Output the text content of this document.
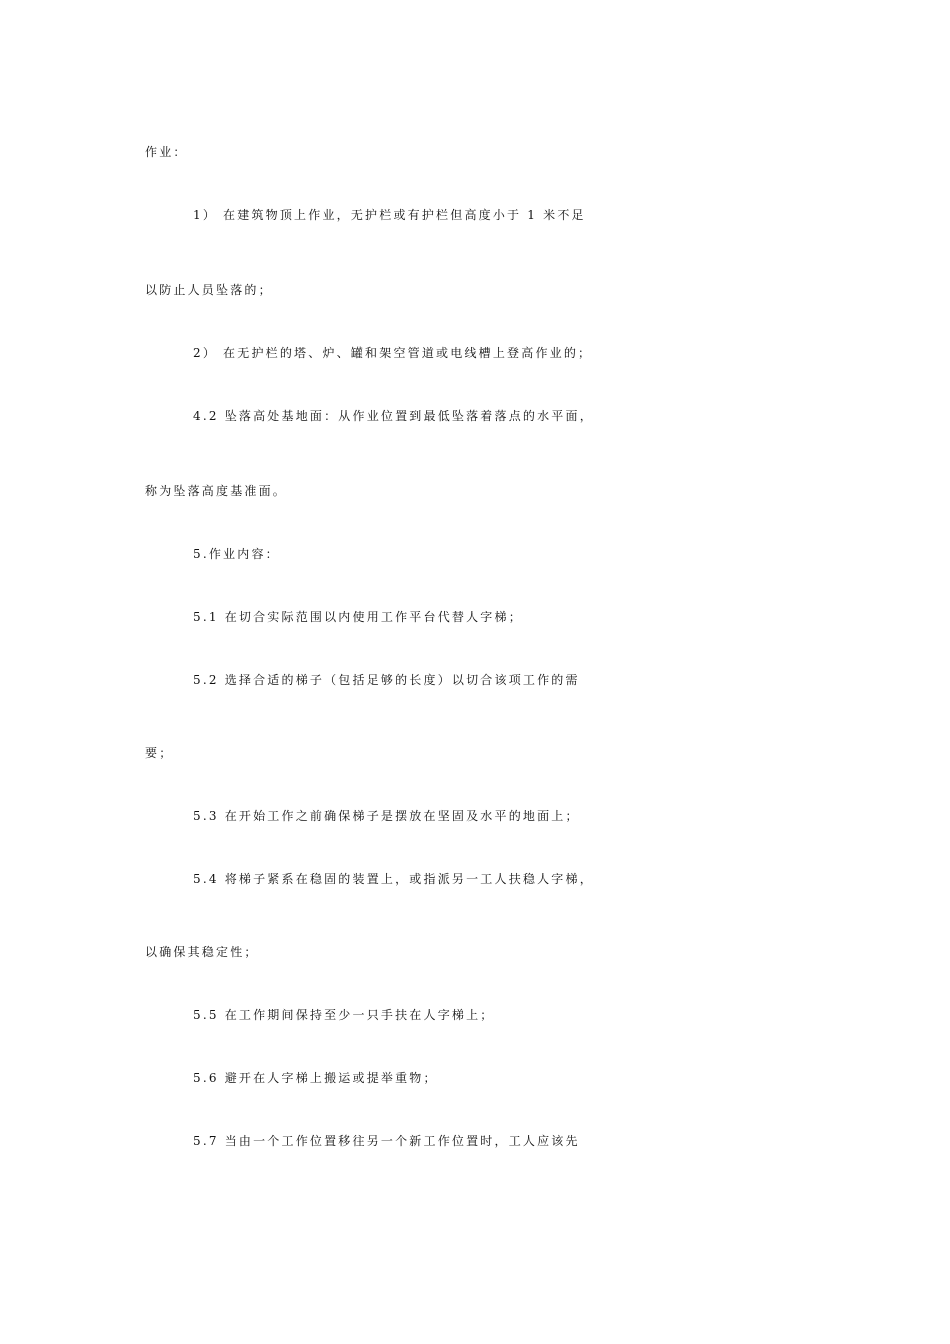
作业：
1） 在建筑物顶上作业，无护栏或有护栏但高度小于 1 米不足
以防止人员坠落的；
2） 在无护栏的塔、炉、罐和架空管道或电线槽上登高作业的；
4.2 坠落高处基地面：从作业位置到最低坠落着落点的水平面，
称为坠落高度基准面。
5.作业内容：
5.1 在切合实际范围以内使用工作平台代替人字梯；
5.2 选择合适的梯子（包括足够的长度）以切合该项工作的需
要；
5.3 在开始工作之前确保梯子是摆放在坚固及水平的地面上；
5.4 将梯子紧系在稳固的装置上，或指派另一工人扶稳人字梯，
以确保其稳定性；
5.5 在工作期间保持至少一只手扶在人字梯上；
5.6 避开在人字梯上搬运或提举重物；
5.7 当由一个工作位置移往另一个新工作位置时，工人应该先
